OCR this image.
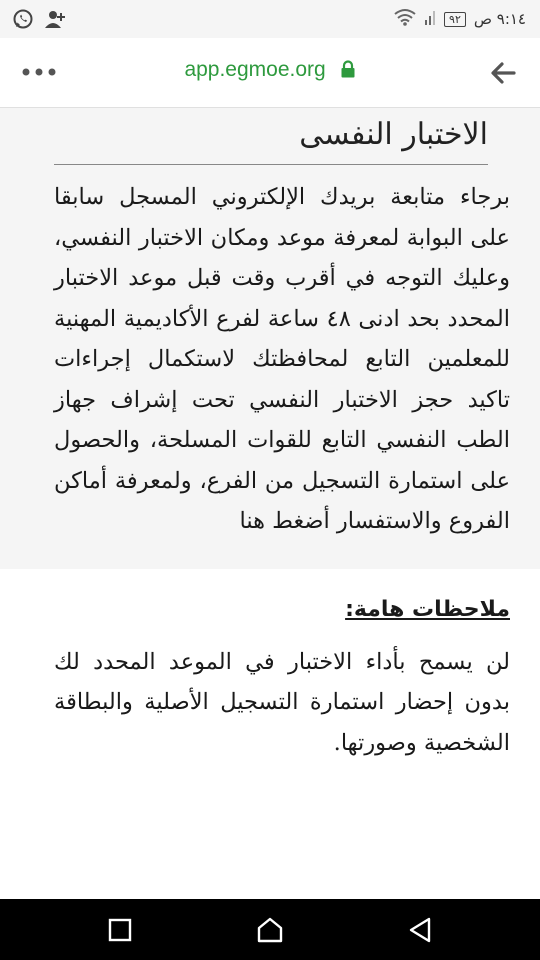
٩٢ ٩:١٤ ص
app.egmoe.org
الاختبار النفسى

برجاء متابعة بريدك الإلكتروني المسجل سابقا على البوابة لمعرفة موعد ومكان الاختبار النفسي، وعليك التوجه في أقرب وقت قبل موعد الاختبار المحدد بحد ادنى ٤٨ ساعة لفرع الأكاديمية المهنية للمعلمين التابع لمحافظتك لاستكمال إجراءات تاكيد حجز الاختبار النفسي تحت إشراف جهاز الطب النفسي التابع للقوات المسلحة، والحصول على استمارة التسجيل من الفرع، ولمعرفة أماكن الفروع والاستفسار أضغط هنا

ملاحظات هامة:

لن يسمح بأداء الاختبار في الموعد المحدد لك بدون إحضار استمارة التسجيل الأصلية والبطاقة الشخصية وصورتها.
